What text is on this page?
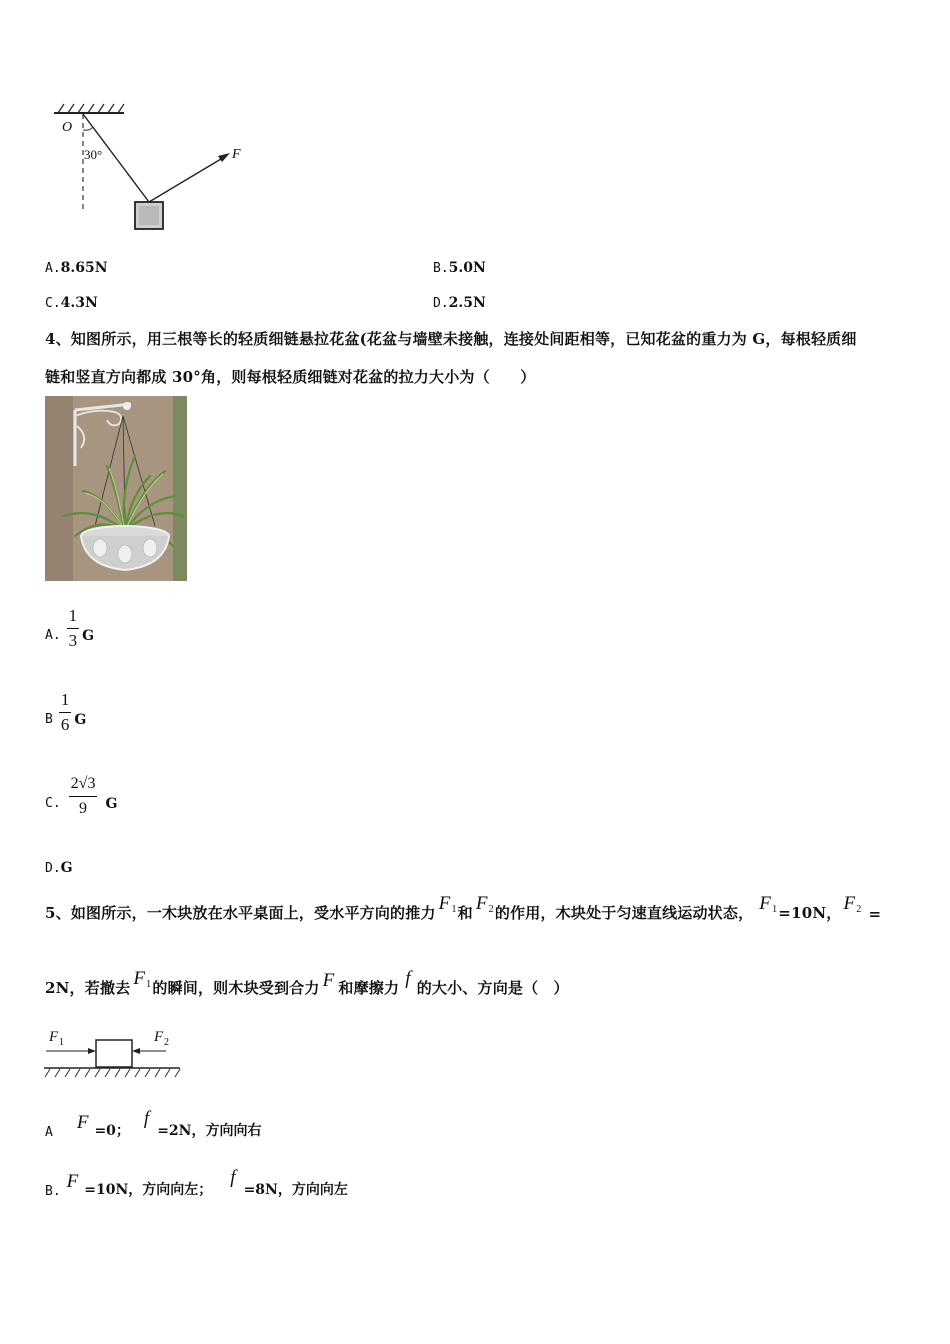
O
30°	F
A.8.65N	B.5.0N
C.4.3N	D.2.5N
4、知图所示，用三根等长的轻质细链悬拉花盆(花盆与墙壁未接触，连接处间距相等，已知花盆的重力为 G，每根轻质细
链和竖直方向都成 30°角，则每根轻质细链对花盆的拉力大小为（　　）
A. $\frac{1}{3}$ G
B $\frac{1}{6}$ G
C. $\frac{2√3}{9}$ G
D.G
5、如图所示，一木块放在水平桌面上，受水平方向的推力 $F_1$ 和 $F_2$ 的作用，木块处于匀速直线运动状态， $F_1 =10N$， $F_2$ =
2N，若撤去 $F_1$ 的瞬间，则木块受到合力 F 和摩擦力 f 的大小、方向是（　）
F 1	F 2
A F =0；
f
=2N，方向向右
B. F =10N，方向向左；
f
=8N，方向向左
